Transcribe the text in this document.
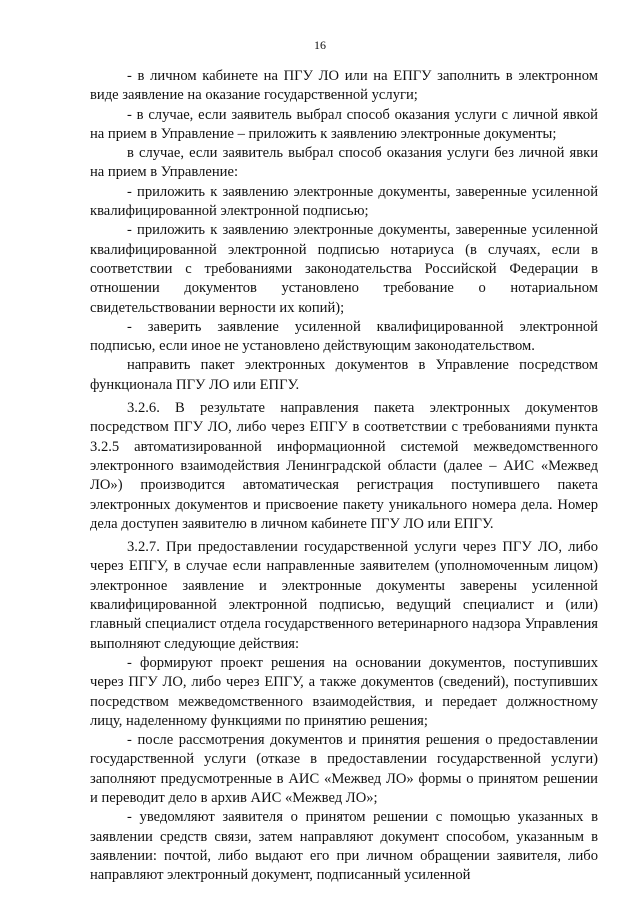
16

- в личном кабинете на ПГУ ЛО или на ЕПГУ заполнить в электронном виде заявление на оказание государственной услуги;

- в случае, если заявитель выбрал способ оказания услуги с личной явкой на прием в Управление – приложить к заявлению электронные документы;

в случае, если заявитель выбрал способ оказания услуги без личной явки на прием в Управление:

- приложить к заявлению электронные документы, заверенные усиленной квалифицированной электронной подписью;

- приложить к заявлению электронные документы, заверенные усиленной квалифицированной электронной подписью нотариуса (в случаях, если в соответствии с требованиями законодательства Российской Федерации в отношении документов установлено требование о нотариальном свидетельствовании верности их копий);

- заверить заявление усиленной квалифицированной электронной подписью, если иное не установлено действующим законодательством.

направить пакет электронных документов в Управление посредством функционала ПГУ ЛО или ЕПГУ.

3.2.6. В результате направления пакета электронных документов посредством ПГУ ЛО, либо через ЕПГУ в соответствии с требованиями пункта 3.2.5 автоматизированной информационной системой межведомственного электронного взаимодействия Ленинградской области (далее – АИС «Межвед ЛО») производится автоматическая регистрация поступившего пакета электронных документов и присвоение пакету уникального номера дела. Номер дела доступен заявителю в личном кабинете ПГУ ЛО или ЕПГУ.

3.2.7. При предоставлении государственной услуги через ПГУ ЛО, либо через ЕПГУ, в случае если направленные заявителем (уполномоченным лицом) электронное заявление и электронные документы заверены усиленной квалифицированной электронной подписью, ведущий специалист и (или) главный специалист отдела государственного ветеринарного надзора Управления выполняют следующие действия:

- формируют проект решения на основании документов, поступивших через ПГУ ЛО, либо через ЕПГУ, а также документов (сведений), поступивших посредством межведомственного взаимодействия, и передает должностному лицу, наделенному функциями по принятию решения;

- после рассмотрения документов и принятия решения о предоставлении государственной услуги (отказе в предоставлении государственной услуги) заполняют предусмотренные в АИС «Межвед ЛО» формы о принятом решении и переводит дело в архив АИС «Межвед ЛО»;

- уведомляют заявителя о принятом решении с помощью указанных в заявлении средств связи, затем направляют документ способом, указанным в заявлении: почтой, либо выдают его при личном обращении заявителя, либо направляют электронный документ, подписанный усиленной
